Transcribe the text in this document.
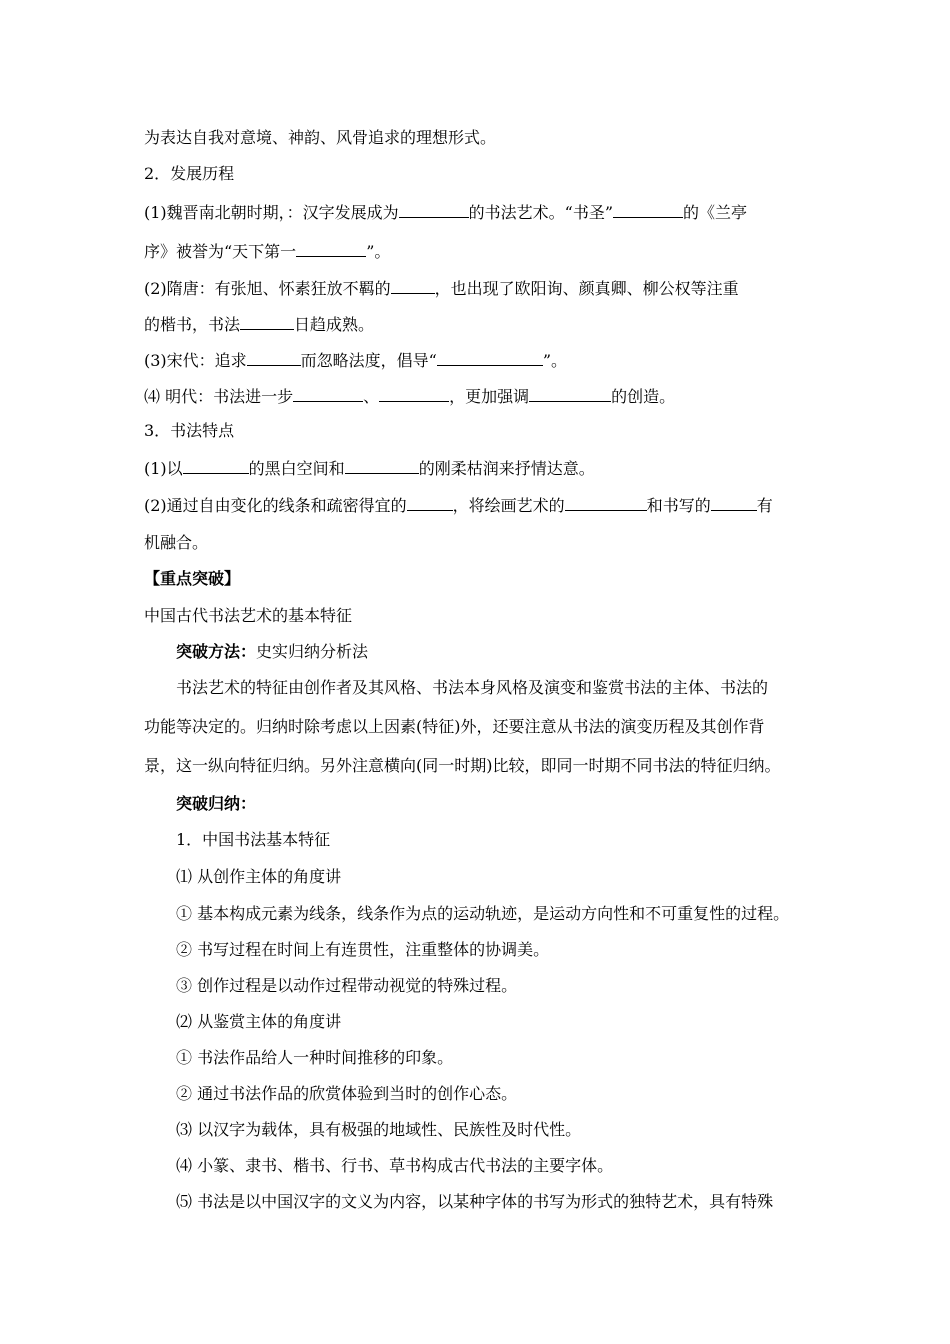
为表达自我对意境、神韵、风骨追求的理想形式。
2．发展历程
(1)魏晋南北朝时期，：汉字发展成为	的书法艺术。“书圣”	的《兰亭
序》被誉为“天下第一	”。
(2)隋唐：有张旭、怀素狂放不羁的	，也出现了欧阳询、颜真卿、柳公权等注重
的楷书，书法	日趋成熟。
(3)宋代：追求	而忽略法度，倡导“	”。
⑷ 明代：书法进一步	、	，更加强调	的创造。
3．书法特点
(1)以	的黑白空间和	的刚柔枯润来抒情达意。
(2)通过自由变化的线条和疏密得宜的	，将绘画艺术的	和书写的	有
机融合。
【重点突破】
中国古代书法艺术的基本特征
突破方法：史实归纳分析法
书法艺术的特征由创作者及其风格、书法本身风格及演变和鉴赏书法的主体、书法的
功能等决定的。归纳时除考虑以上因素(特征)外，还要注意从书法的演变历程及其创作背
景，这一纵向特征归纳。另外注意横向(同一时期)比较，即同一时期不同书法的特征归纳。
突破归纳：
1．中国书法基本特征
⑴ 从创作主体的角度讲
① 基本构成元素为线条，线条作为点的运动轨迹，是运动方向性和不可重复性的过程。
② 书写过程在时间上有连贯性，注重整体的协调美。
③ 创作过程是以动作过程带动视觉的特殊过程。
⑵ 从鉴赏主体的角度讲
① 书法作品给人一种时间推移的印象。
② 通过书法作品的欣赏体验到当时的创作心态。
⑶ 以汉字为载体，具有极强的地域性、民族性及时代性。
⑷ 小篆、隶书、楷书、行书、草书构成古代书法的主要字体。
⑸ 书法是以中国汉字的文义为内容，以某种字体的书写为形式的独特艺术，具有特殊
